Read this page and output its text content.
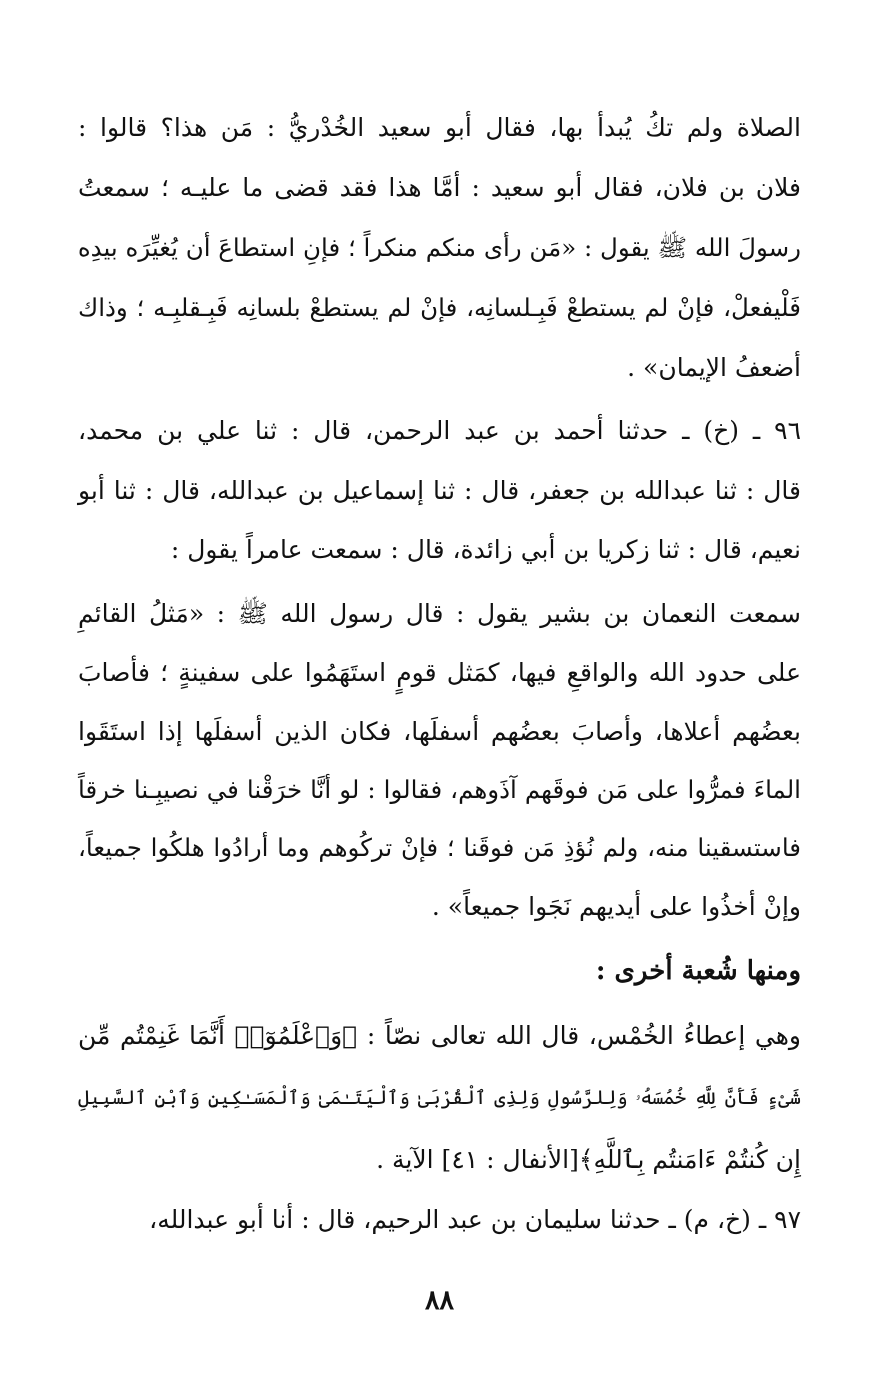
الصلاة ولم تكُ يُبدأ بها، فقال أبو سعيد الخُدْريُّ : مَن هذا؟ قالوا :
فلان بن فلان، فقال أبو سعيد : أمَّا هذا فقد قضى ما عليـه ؛ سمعتُ
رسولَ الله ﷺ يقول : «مَن رأى منكم منكراً ؛ فإنِ استطاعَ أن يُغيِّرَه بيدِه
فَلْيفعلْ، فإنْ لم يستطعْ فَبِـلسانِه، فإنْ لم يستطعْ بلسانِه فَبِـقلبِـه ؛ وذاك
أضعفُ الإيمان» .
٩٦ ـ (خ) ـ حدثنا أحمد بن عبد الرحمن، قال : ثنا علي بن محمد،
قال : ثنا عبدالله بن جعفر، قال : ثنا إسماعيل بن عبدالله، قال : ثنا أبو
نعيم، قال : ثنا زكريا بن أبي زائدة، قال : سمعت عامراً يقول :
سمعت النعمان بن بشير يقول : قال رسول الله ﷺ : «مَثلُ القائمِ
على حدود الله والواقعِ فيها، كمَثل قومٍ استَهَمُوا على سفينةٍ ؛ فأصابَ
بعضُهم أعلاها، وأصابَ بعضُهم أسفلَها، فكان الذين أسفلَها إذا استَقَوا
الماءَ فمرُّوا على مَن فوقَهم آذَوهم، فقالوا : لو أنَّا خرَقْنا في نصيبِـنا خرقاً
فاستسقينا منه، ولم نُؤذِ مَن فوقَنا ؛ فإنْ تركُوهم وما أرادُوا هلكُوا جميعاً،
وإنْ أخذُوا على أيديهم نَجَوا جميعاً» .
ومنها شُعبة أخرى :
وهي إعطاءُ الخُمْس، قال الله تعالى نصّاً : ﴿وَٱعْلَمُوٓا۟ أَنَّمَا غَنِمْتُم مِّن
شَىْءٍ فَأَنَّ لِلَّهِ خُمُسَهُۥ وَلِلرَّسُولِ وَلِذِى ٱلْقُرْبَىٰ وَٱلْيَتَـٰمَىٰ وَٱلْمَسَـٰكِينِ وَٱبْنِ ٱلسَّبِيلِ
إِن كُنتُمْ ءَامَنتُم بِٱللَّهِ﴾[الأنفال : ٤١] الآية .
٩٧ ـ (خ، م) ـ حدثنا سليمان بن عبد الرحيم، قال : أنا أبو عبدالله،
٨٨
